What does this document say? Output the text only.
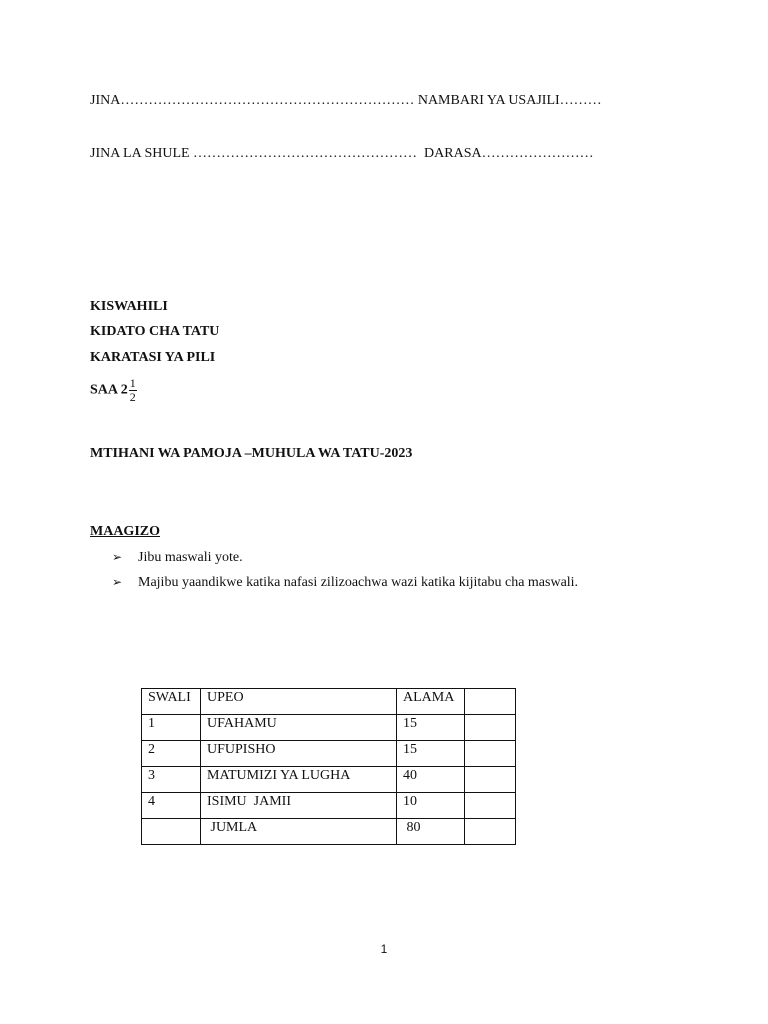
JINA……………………………………………………… NAMBARI YA USAJILI………
JINA LA SHULE …………………………………………  DARASA……………………
KISWAHILI
KIDATO CHA TATU
KARATASI YA PILI
SAA $2 \frac{1}{2}$
MTIHANI WA PAMOJA –MUHULA WA TATU-2023
MAAGIZO
➢ Jibu maswali yote.
➢ Majibu yaandikwe katika nafasi zilizoachwa wazi katika kijitabu cha maswali.
SWALI	UPEO	ALAMA	
1	UFAHAMU	15	
2	UFUPISHO	15	
3	MATUMIZI YA LUGHA	40	
4	ISIMU  JAMII	10	
	JUMLA	80	
1
